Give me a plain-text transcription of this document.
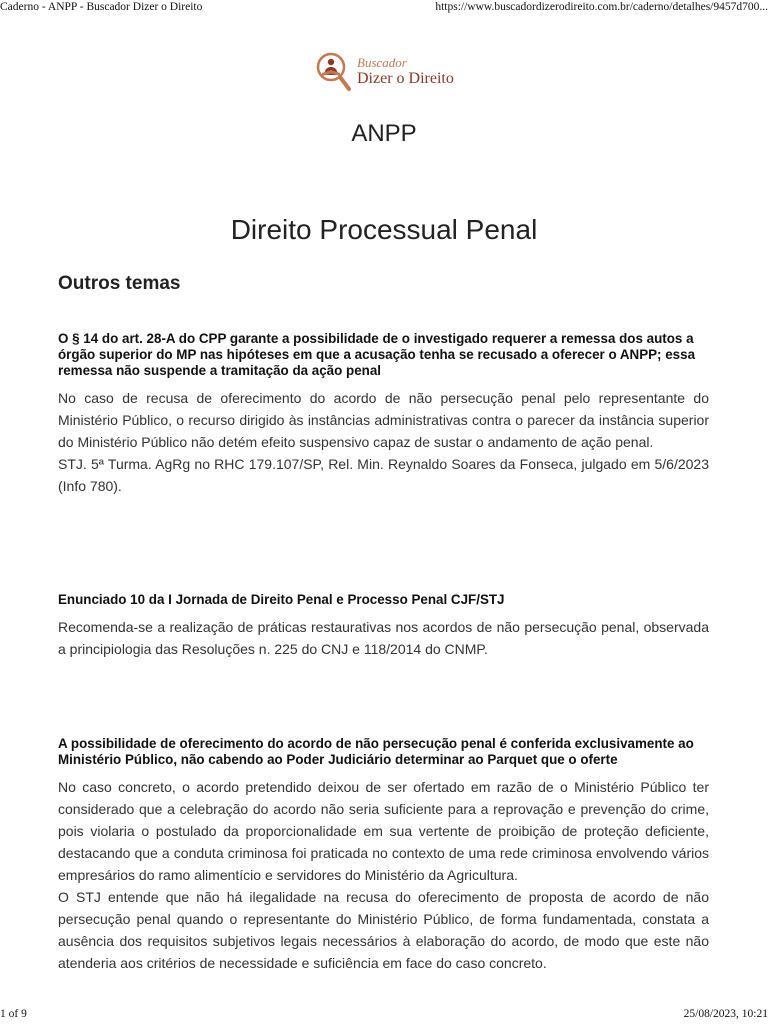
Caderno - ANPP - Buscador Dizer o Direito	https://www.buscadordizerodireito.com.br/caderno/detalhes/9457d700...
Buscador
Dizer o Direito
ANPP
Direito Processual Penal
Outros temas

O § 14 do art. 28-A do CPP garante a possibilidade de o investigado requerer a remessa dos autos a órgão superior do MP nas hipóteses em que a acusação tenha se recusado a oferecer o ANPP; essa remessa não suspende a tramitação da ação penal

No caso de recusa de oferecimento do acordo de não persecução penal pelo representante do Ministério Público, o recurso dirigido às instâncias administrativas contra o parecer da instância superior do Ministério Público não detém efeito suspensivo capaz de sustar o andamento de ação penal.

STJ. 5ª Turma. AgRg no RHC 179.107/SP, Rel. Min. Reynaldo Soares da Fonseca, julgado em 5/6/2023 (Info 780).

Enunciado 10 da I Jornada de Direito Penal e Processo Penal CJF/STJ

Recomenda-se a realização de práticas restaurativas nos acordos de não persecução penal, observada a principiologia das Resoluções n. 225 do CNJ e 118/2014 do CNMP.

A possibilidade de oferecimento do acordo de não persecução penal é conferida exclusivamente ao Ministério Público, não cabendo ao Poder Judiciário determinar ao Parquet que o oferte

No caso concreto, o acordo pretendido deixou de ser ofertado em razão de o Ministério Público ter considerado que a celebração do acordo não seria suficiente para a reprovação e prevenção do crime, pois violaria o postulado da proporcionalidade em sua vertente de proibição de proteção deficiente, destacando que a conduta criminosa foi praticada no contexto de uma rede criminosa envolvendo vários empresários do ramo alimentício e servidores do Ministério da Agricultura.

O STJ entende que não há ilegalidade na recusa do oferecimento de proposta de acordo de não persecução penal quando o representante do Ministério Público, de forma fundamentada, constata a ausência dos requisitos subjetivos legais necessários à elaboração do acordo, de modo que este não atenderia aos critérios de necessidade e suficiência em face do caso concreto.

1 of 9	25/08/2023, 10:21
